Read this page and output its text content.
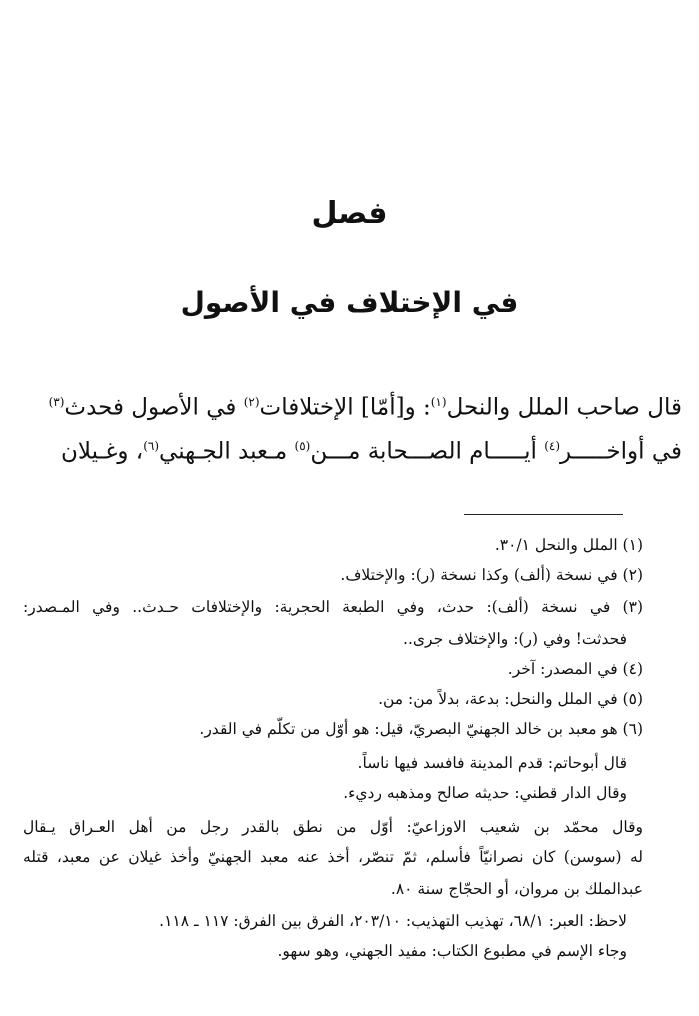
فصل
في الإختلاف في الأصول
قال صاحب الملل والنحل$^{(١)}$: و[أمّا] الإختلافات$^{(٢)}$ في الأصول فحدث$^{(٣)}$
في أواخـــــر$^{(٤)}$ أيـــــام الصـــحابة مـــن$^{(٥)}$ مـعبد الجـهني$^{(٦)}$، وغـيلان
(١) الملل والنحل ٣٠/١.
(٢) في نسخة (ألف) وكذا نسخة (ر): والإختلاف.
(٣) في نسخة (ألف): حدث، وفي الطبعة الحجرية: والإختلافات حـدث.. وفي المـصدر:
فحدثت! وفي (ر): والإختلاف جرى..
(٤) في المصدر: آخر.
(٥) في الملل والنحل: بدعة، بدلاً من: من.
(٦) هو معبد بن خالد الجهنيّ البصريّ، قيل: هو أوّل من تكلّم في القدر.
قال أبوحاتم: قدم المدينة فافسد فيها ناساً.
وقال الدار قطني: حديثه صالح ومذهبه رديء.
وقال محمّد بن شعيب الاوزاعيّ: أوّل من نطق بالقدر رجل من أهل العـراق يـقال
له (سوسن) كان نصرانيّاً فأسلم، ثمّ تنصّر، أخذ عنه معبد الجهنيّ وأخذ غيلان عن معبد، قتله
عبدالملك بن مروان، أو الحجّاج سنة ٨٠.
لاحظ: العبر: ٦٨/١، تهذيب التهذيب: ٢٠٣/١٠، الفرق بين الفرق: ١١٧ ـ ١١٨.
وجاء الإسم في مطبوع الكتاب: مفيد الجهني، وهو سهو.
